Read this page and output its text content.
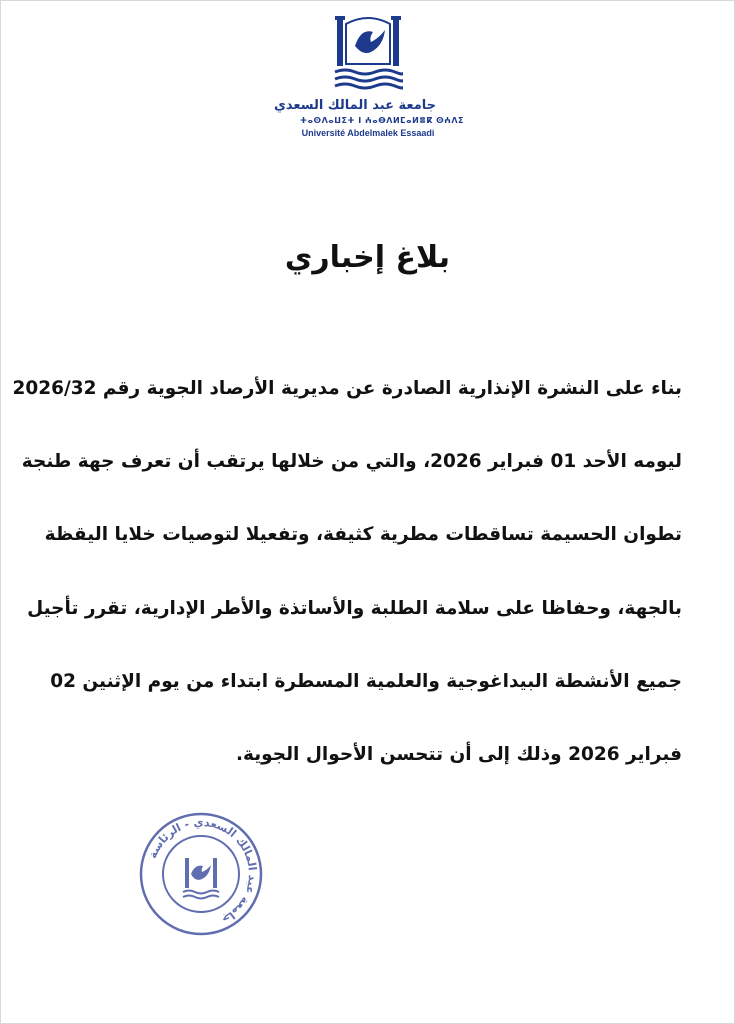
جامعة عبد المالك السعدي
ⵜⴰⵙⴷⴰⵡⵉⵜ ⵏ ⵄⴰⴱⴷⵍⵎⴰⵍⴻⴽ ⵙⵄⴷⵉ
Université Abdelmalek Essaadi
بلاغ إخباري
بناء على النشرة الإنذارية الصادرة عن مديرية الأرصاد الجوية رقم 2026/32
ليومه الأحد 01 فبراير 2026، والتي من خلالها يرتقب أن تعرف جهة طنجة
تطوان الحسيمة تساقطات مطرية كثيفة، وتفعيلا لتوصيات خلايا اليقظة
بالجهة، وحفاظا على سلامة الطلبة والأساتذة والأطر الإدارية، تقرر تأجيل
جميع الأنشطة البيداغوجية والعلمية المسطرة ابتداء من يوم الإثنين 02
فبراير 2026 وذلك إلى أن تتحسن الأحوال الجوية.
جامعة عبد المالك السعدي - الرئاسة
